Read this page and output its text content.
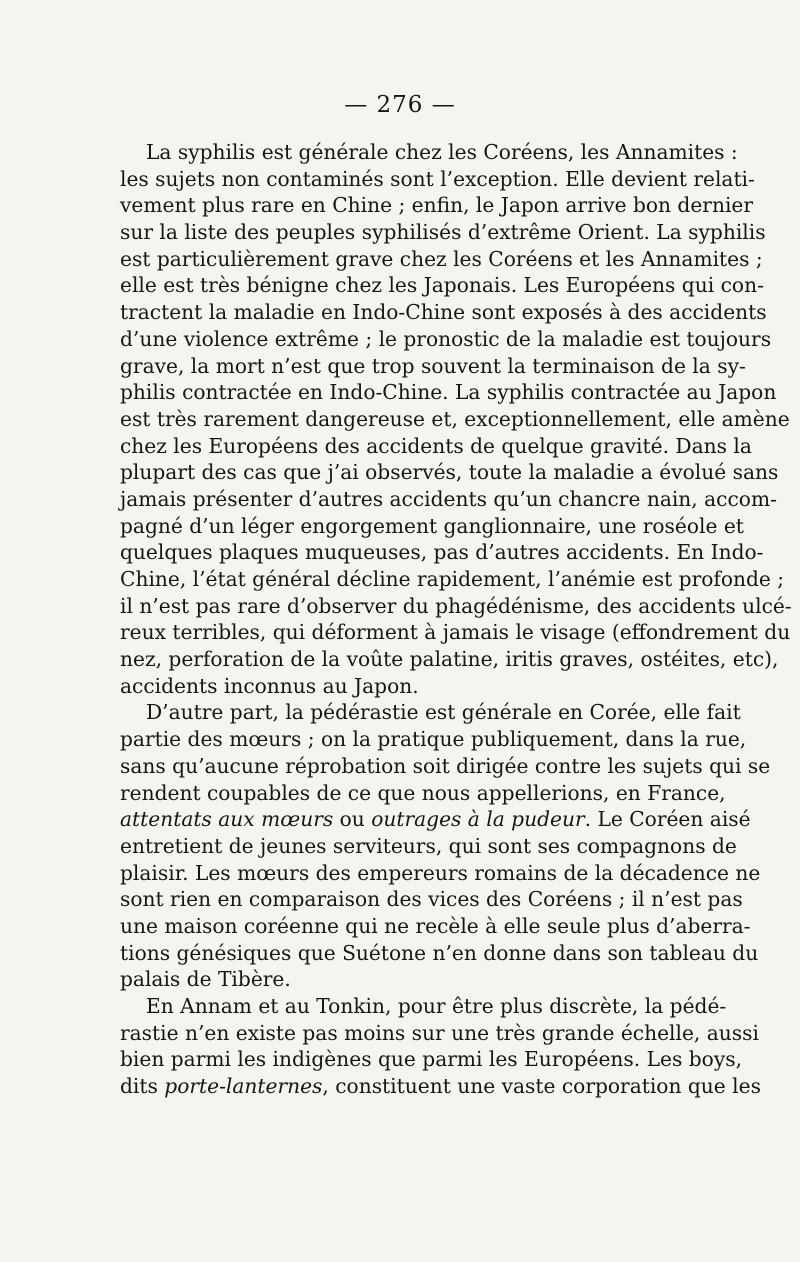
— 276 —
La syphilis est générale chez les Coréens, les Annamites :
les sujets non contaminés sont l’exception. Elle devient relati-
vement plus rare en Chine ; enfin, le Japon arrive bon dernier
sur la liste des peuples syphilisés d’extrême Orient. La syphilis
est particulièrement grave chez les Coréens et les Annamites ;
elle est très bénigne chez les Japonais. Les Européens qui con-
tractent la maladie en Indo-Chine sont exposés à des accidents
d’une violence extrême ; le pronostic de la maladie est toujours
grave, la mort n’est que trop souvent la terminaison de la sy-
philis contractée en Indo-Chine. La syphilis contractée au Japon
est très rarement dangereuse et, exceptionnellement, elle amène
chez les Européens des accidents de quelque gravité. Dans la
plupart des cas que j’ai observés, toute la maladie a évolué sans
jamais présenter d’autres accidents qu’un chancre nain, accom-
pagné d’un léger engorgement ganglionnaire, une roséole et
quelques plaques muqueuses, pas d’autres accidents. En Indo-
Chine, l’état général décline rapidement, l’anémie est profonde ;
il n’est pas rare d’observer du phagédénisme, des accidents ulcé-
reux terribles, qui déforment à jamais le visage (effondrement du
nez, perforation de la voûte palatine, iritis graves, ostéites, etc),
accidents inconnus au Japon.
D’autre part, la pédérastie est générale en Corée, elle fait
partie des mœurs ; on la pratique publiquement, dans la rue,
sans qu’aucune réprobation soit dirigée contre les sujets qui se
rendent coupables de ce que nous appellerions, en France,
attentats aux mœurs ou outrages à la pudeur. Le Coréen aisé
entretient de jeunes serviteurs, qui sont ses compagnons de
plaisir. Les mœurs des empereurs romains de la décadence ne
sont rien en comparaison des vices des Coréens ; il n’est pas
une maison coréenne qui ne recèle à elle seule plus d’aberra-
tions génésiques que Suétone n’en donne dans son tableau du
palais de Tibère.
En Annam et au Tonkin, pour être plus discrète, la pédé-
rastie n’en existe pas moins sur une très grande échelle, aussi
bien parmi les indigènes que parmi les Européens. Les boys,
dits porte-lanternes, constituent une vaste corporation que les
